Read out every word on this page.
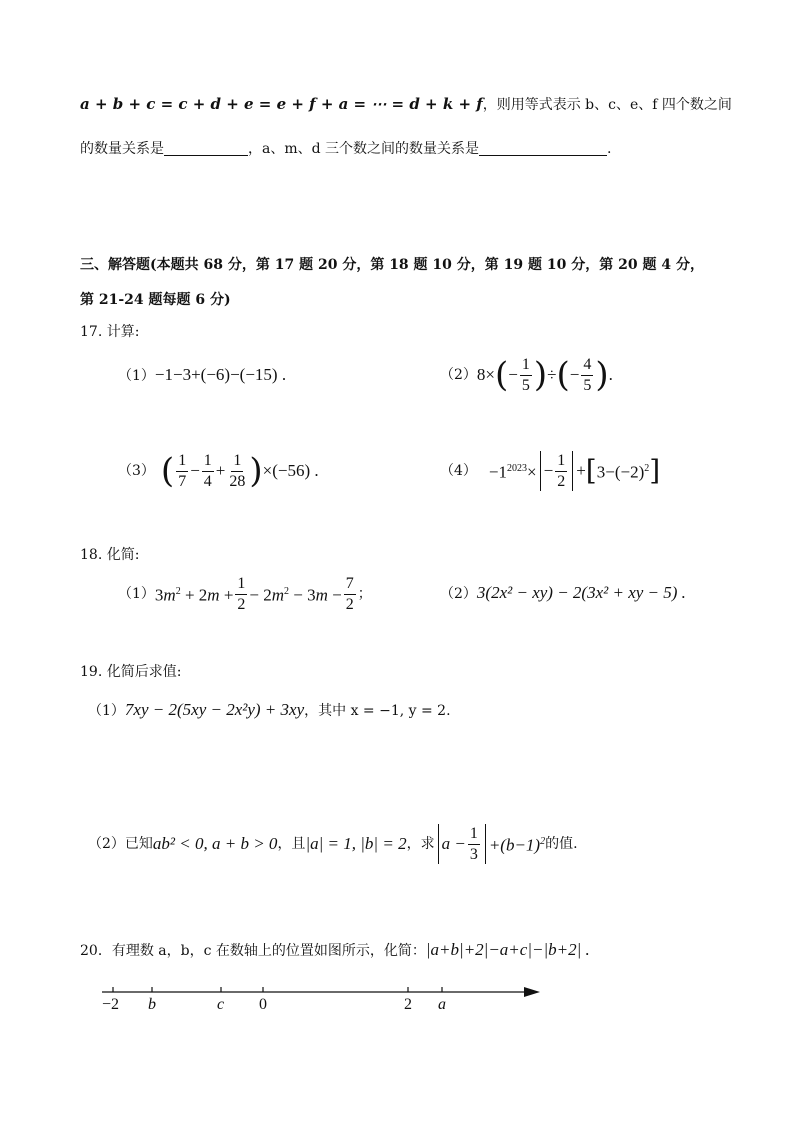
a + b + c = c + d + e = e + f + a = ⋯ = d + k + f，则用等式表示 b、c、e、f 四个数之间
的数量关系是	，a、m、d 三个数之间的数量关系是	.
三、解答题(本题共 68 分，第 17 题 20 分，第 18 题 10 分，第 19 题 10 分，第 20 题 4 分，
第 21-24 题每题 6 分)
17. 计算:
（1）−1−3+(−6)−(−15) .	（2） 8× ( − $\frac{1}{5}$ ) ÷ ( − $\frac{4}{5}$ ) .
（3） ( $\frac{1}{7} - \frac{1}{4} + \frac{1}{28}$ ) ×(−56) .	$(4) -1^{2023}\times - \frac{1}{2}$ + [ $3-(-2)^2$ ]
18. 化简:
（1） $3m^2 + 2m + \frac{1}{2} - 2m^2 - 3m - \frac{7}{2}$ ；	（2）3(2x² − xy) − 2(3x² + xy − 5) .
19. 化简后求值:
（1）7xy − 2(5xy − 2x²y) + 3xy，其中 x = −1, y = 2.
（2）已知 ab² < 0, a + b > 0 ，且 |a| = 1, |b| = 2 ，求 $a - \frac{1}{3} +(b-1)^2$ 的值.
20．有理数 a，b，c 在数轴上的位置如图所示，化简：|a+b|+2|−a+c|−|b+2| .
−2 b	c 0	2 a
